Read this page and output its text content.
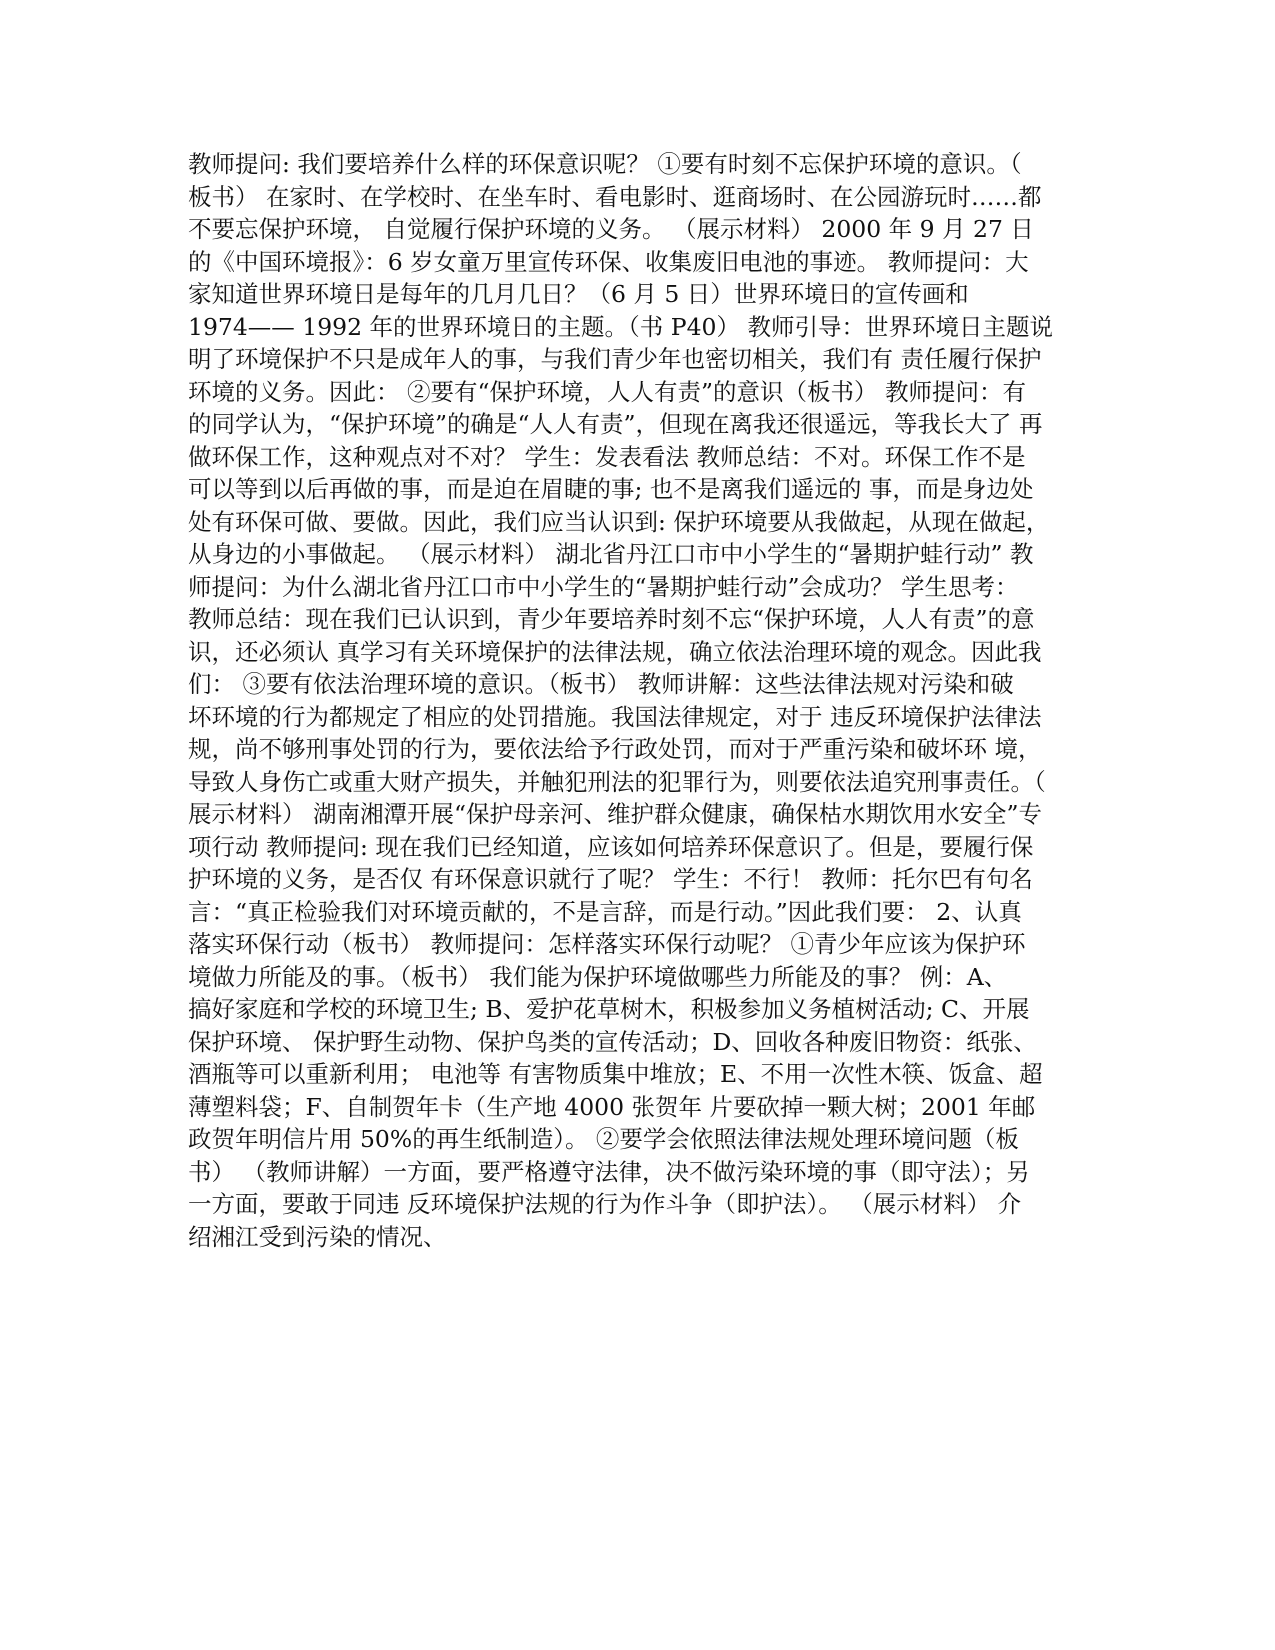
教师提问: 我们要培养什么样的环保意识呢？ ①要有时刻不忘保护环境的意识。（
板书） 在家时、在学校时、在坐车时、看电影时、逛商场时、在公园游玩时……都
不要忘保护环境， 自觉履行保护环境的义务。 （展示材料） 2000 年 9 月 27 日
的《中国环境报》：6 岁女童万里宣传环保、收集废旧电池的事迹。 教师提问：大
家知道世界环境日是每年的几月几日？（6 月 5 日）世界环境日的宣传画和
1974—— 1992 年的世界环境日的主题。（书 P40） 教师引导：世界环境日主题说
明了环境保护不只是成年人的事，与我们青少年也密切相关，我们有 责任履行保护
环境的义务。因此： ②要有“保护环境，人人有责”的意识（板书） 教师提问：有
的同学认为，“保护环境”的确是“人人有责”，但现在离我还很遥远，等我长大了 再
做环保工作，这种观点对不对？ 学生：发表看法 教师总结：不对。环保工作不是
可以等到以后再做的事，而是迫在眉睫的事; 也不是离我们遥远的 事，而是身边处
处有环保可做、要做。因此，我们应当认识到: 保护环境要从我做起，从现在做起，
从身边的小事做起。 （展示材料） 湖北省丹江口市中小学生的“暑期护蛙行动” 教
师提问：为什么湖北省丹江口市中小学生的“暑期护蛙行动”会成功？ 学生思考：
教师总结：现在我们已认识到，青少年要培养时刻不忘“保护环境，人人有责”的意
识，还必须认 真学习有关环境保护的法律法规，确立依法治理环境的观念。因此我
们： ③要有依法治理环境的意识。（板书） 教师讲解：这些法律法规对污染和破
坏环境的行为都规定了相应的处罚措施。我国法律规定，对于 违反环境保护法律法
规，尚不够刑事处罚的行为，要依法给予行政处罚，而对于严重污染和破坏环 境，
导致人身伤亡或重大财产损失，并触犯刑法的犯罪行为，则要依法追究刑事责任。（
展示材料） 湖南湘潭开展“保护母亲河、维护群众健康，确保枯水期饮用水安全”专
项行动 教师提问: 现在我们已经知道，应该如何培养环保意识了。但是，要履行保
护环境的义务，是否仅 有环保意识就行了呢？ 学生：不行！ 教师：托尔巴有句名
言：“真正检验我们对环境贡献的，不是言辞，而是行动。”因此我们要： 2、认真
落实环保行动（板书） 教师提问：怎样落实环保行动呢？ ①青少年应该为保护环
境做力所能及的事。（板书） 我们能为保护环境做哪些力所能及的事？ 例：A、
搞好家庭和学校的环境卫生; B、爱护花草树木，积极参加义务植树活动; C、开展
保护环境、 保护野生动物、保护鸟类的宣传活动；D、回收各种废旧物资：纸张、
酒瓶等可以重新利用； 电池等 有害物质集中堆放；E、不用一次性木筷、饭盒、超
薄塑料袋；F、自制贺年卡（生产地 4000 张贺年 片要砍掉一颗大树；2001 年邮
政贺年明信片用 50%的再生纸制造）。 ②要学会依照法律法规处理环境问题（板
书） （教师讲解）一方面，要严格遵守法律，决不做污染环境的事（即守法）；另
一方面，要敢于同违 反环境保护法规的行为作斗争（即护法）。 （展示材料） 介
绍湘江受到污染的情况、
